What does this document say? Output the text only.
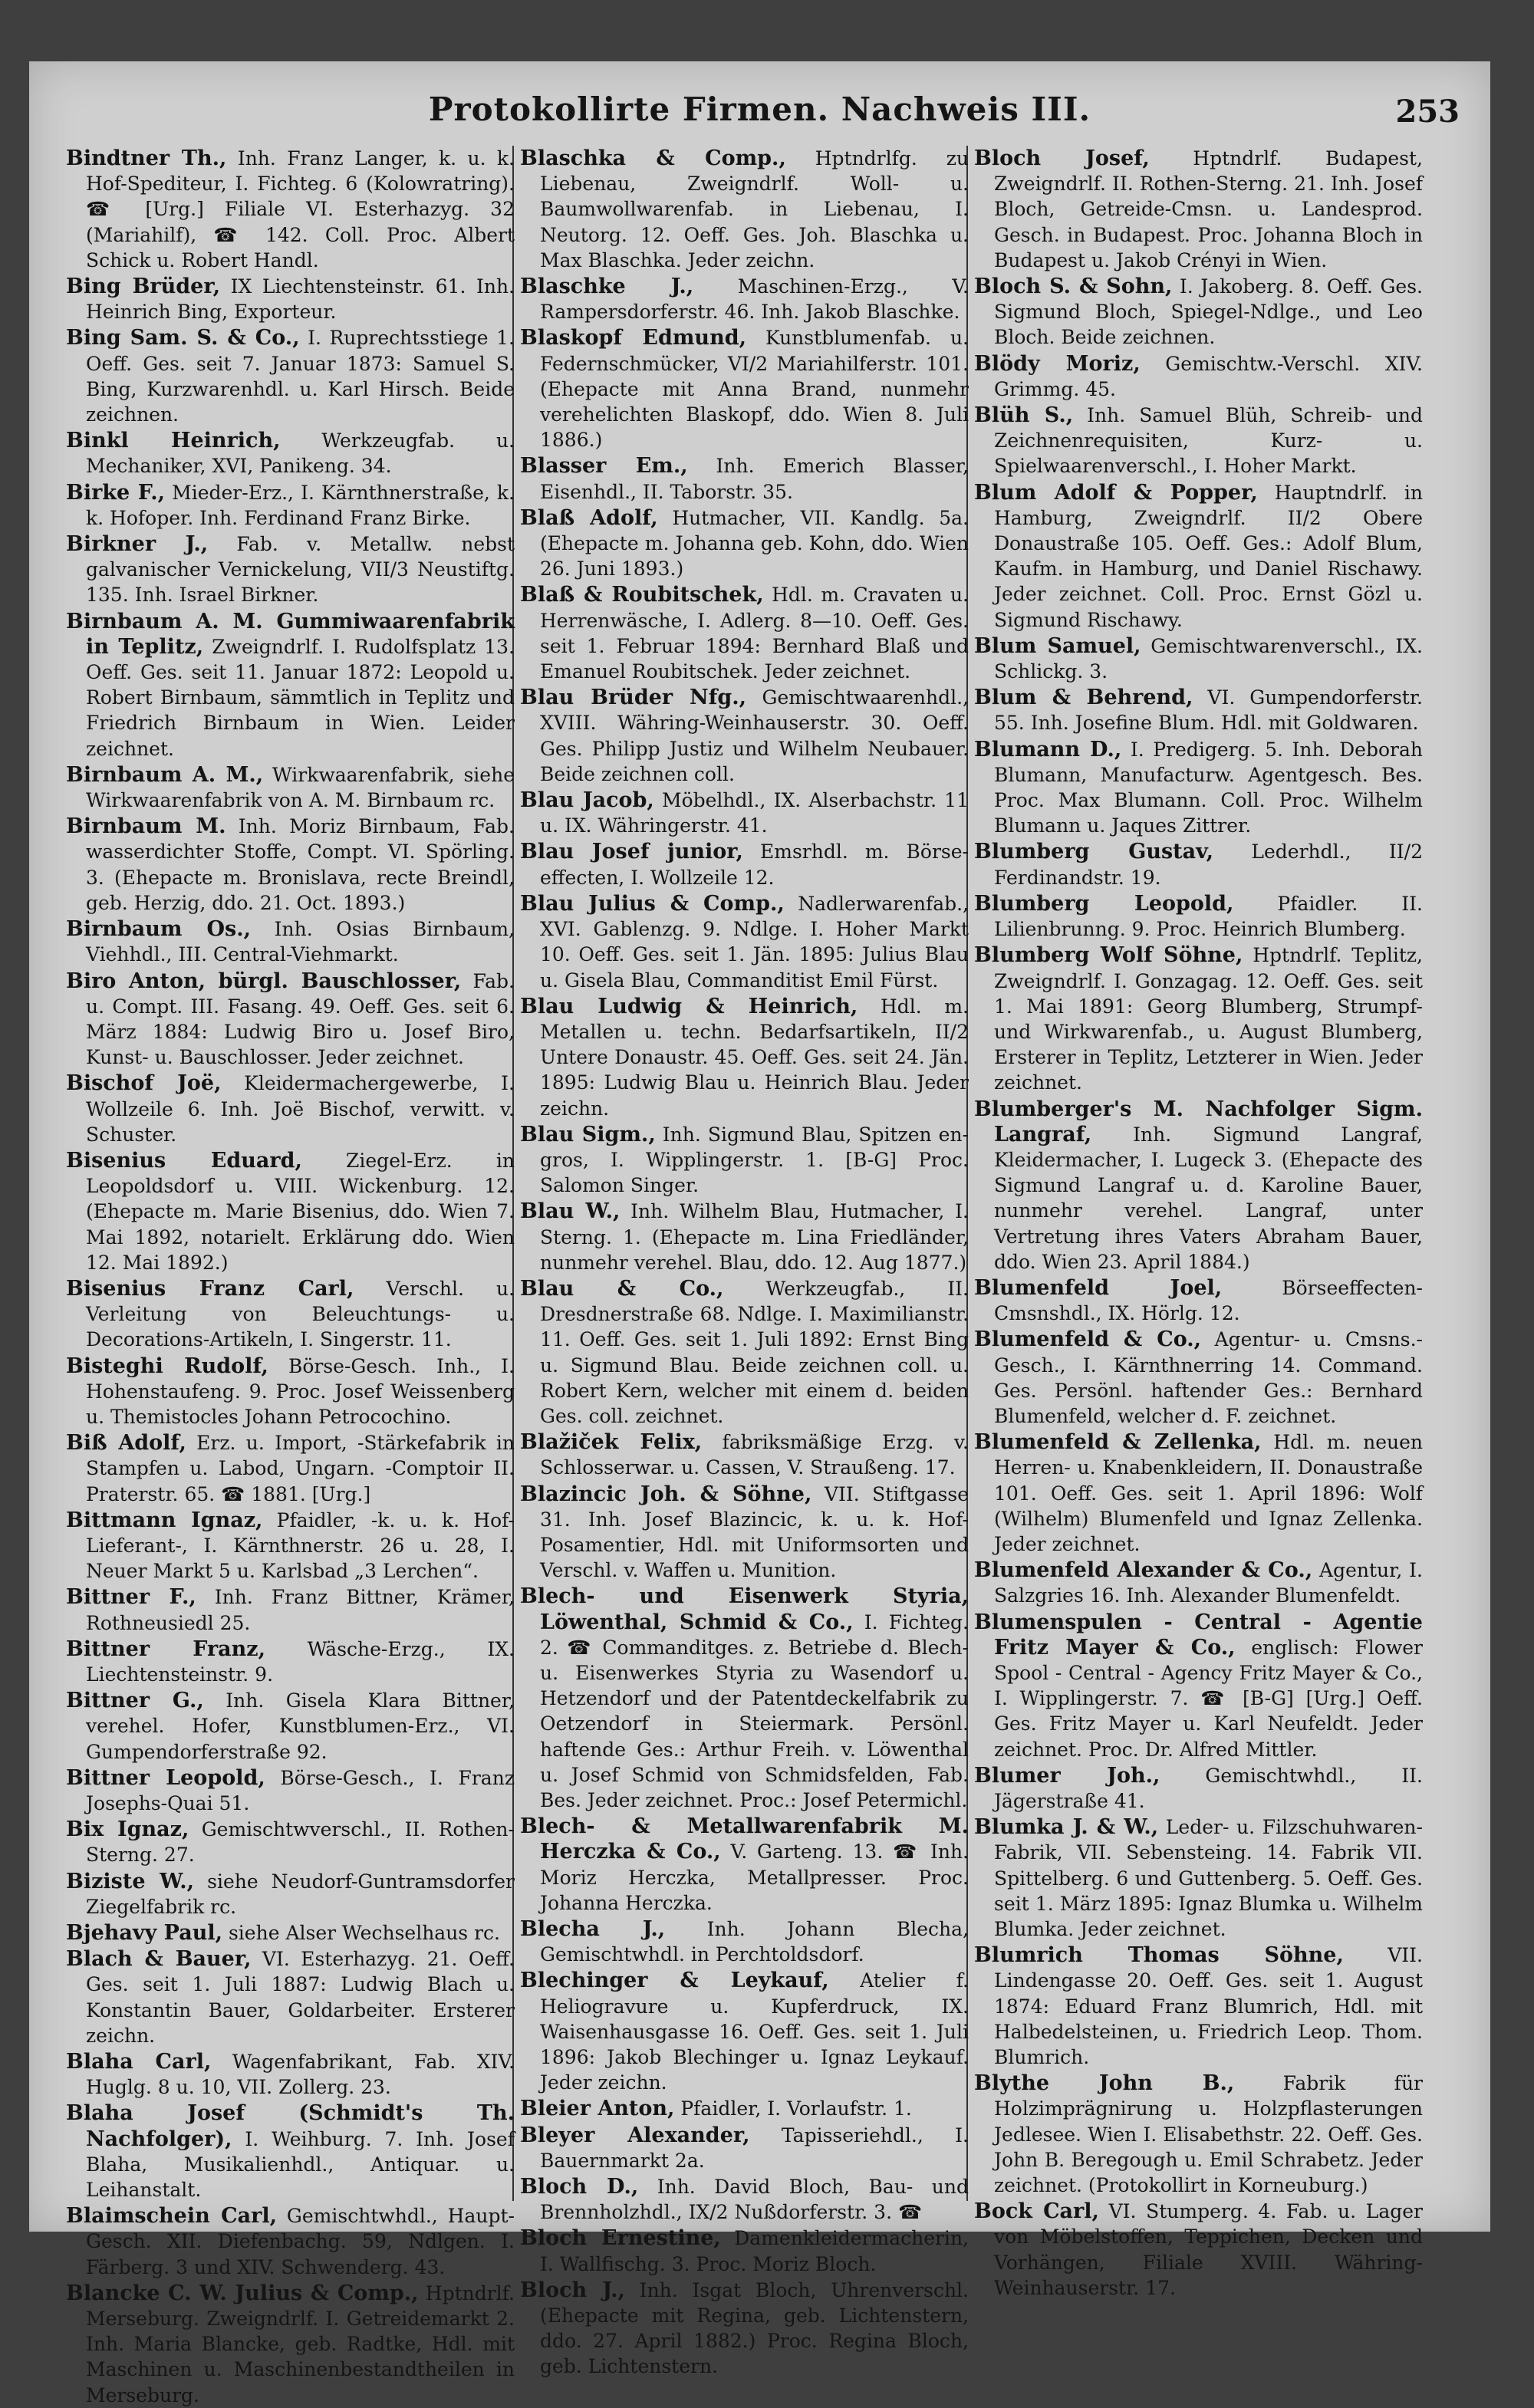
Protokollirte Firmen. Nachweis III.	253

Bindtner Th., Inh. Franz Langer, k. u. k. Hof-Spediteur, I. Fichteg. 6 (Kolowratring). ☎ [Urg.] Filiale VI. Esterhazyg. 32 (Mariahilf), ☎ 142. Coll. Proc. Albert Schick u. Robert Handl.

Bing Brüder, IX Liechtensteinstr. 61. Inh. Heinrich Bing, Exporteur.

Bing Sam. S. & Co., I. Ruprechtsstiege 1. Oeff. Ges. seit 7. Januar 1873: Samuel S. Bing, Kurzwarenhdl. u. Karl Hirsch. Beide zeichnen.

Binkl Heinrich, Werkzeugfab. u. Mechaniker, XVI, Panikeng. 34.

Birke F., Mieder-Erz., I. Kärnthnerstraße, k. k. Hofoper. Inh. Ferdinand Franz Birke.

Birkner J., Fab. v. Metallw. nebst galvanischer Vernickelung, VII/3 Neustiftg. 135. Inh. Israel Birkner.

Birnbaum A. M. Gummiwaarenfabrik in Teplitz, Zweigndrlf. I. Rudolfsplatz 13. Oeff. Ges. seit 11. Januar 1872: Leopold u. Robert Birnbaum, sämmtlich in Teplitz und Friedrich Birnbaum in Wien. Leider zeichnet.

Birnbaum A. M., Wirkwaarenfabrik, siehe Wirkwaarenfabrik von A. M. Birnbaum rc.

Birnbaum M. Inh. Moriz Birnbaum, Fab. wasserdichter Stoffe, Compt. VI. Spörling. 3. (Ehepacte m. Bronislava, recte Breindl, geb. Herzig, ddo. 21. Oct. 1893.)

Birnbaum Os., Inh. Osias Birnbaum, Viehhdl., III. Central-Viehmarkt.

Biro Anton, bürgl. Bauschlosser, Fab. u. Compt. III. Fasang. 49. Oeff. Ges. seit 6. März 1884: Ludwig Biro u. Josef Biro, Kunst- u. Bauschlosser. Jeder zeichnet.

Bischof Joë, Kleidermachergewerbe, I. Wollzeile 6. Inh. Joë Bischof, verwitt. v. Schuster.

Bisenius Eduard, Ziegel-Erz. in Leopoldsdorf u. VIII. Wickenburg. 12. (Ehepacte m. Marie Bisenius, ddo. Wien 7. Mai 1892, notarielt. Erklärung ddo. Wien 12. Mai 1892.)

Bisenius Franz Carl, Verschl. u. Verleitung von Beleuchtungs- u. Decorations-Artikeln, I. Singerstr. 11.

Bisteghi Rudolf, Börse-Gesch. Inh., I. Hohenstaufeng. 9. Proc. Josef Weissenberg u. Themistocles Johann Petrocochino.

Biß Adolf, Erz. u. Import, -Stärkefabrik in Stampfen u. Labod, Ungarn. -Comptoir II. Praterstr. 65. ☎ 1881. [Urg.]

Bittmann Ignaz, Pfaidler, -k. u. k. Hof-Lieferant-, I. Kärnthnerstr. 26 u. 28, I. Neuer Markt 5 u. Karlsbad „3 Lerchen“.

Bittner F., Inh. Franz Bittner, Krämer, Rothneusiedl 25.

Bittner Franz, Wäsche-Erzg., IX. Liechtensteinstr. 9.

Bittner G., Inh. Gisela Klara Bittner, verehel. Hofer, Kunstblumen-Erz., VI. Gumpendorferstraße 92.

Bittner Leopold, Börse-Gesch., I. Franz Josephs-Quai 51.

Bix Ignaz, Gemischtwverschl., II. Rothen-Sterng. 27.

Biziste W., siehe Neudorf-Guntramsdorfer Ziegelfabrik rc.

Bjehavy Paul, siehe Alser Wechselhaus rc.

Blach & Bauer, VI. Esterhazyg. 21. Oeff. Ges. seit 1. Juli 1887: Ludwig Blach u. Konstantin Bauer, Goldarbeiter. Ersterer zeichn.

Blaha Carl, Wagenfabrikant, Fab. XIV. Huglg. 8 u. 10, VII. Zollerg. 23.

Blaha Josef (Schmidt's Th. Nachfolger), I. Weihburg. 7. Inh. Josef Blaha, Musikalienhdl., Antiquar. u. Leihanstalt.

Blaimschein Carl, Gemischtwhdl., Haupt-Gesch. XII. Diefenbachg. 59, Ndlgen. I. Färberg. 3 und XIV. Schwenderg. 43.

Blancke C. W. Julius & Comp., Hptndrlf. Merseburg. Zweigndrlf. I. Getreidemarkt 2. Inh. Maria Blancke, geb. Radtke, Hdl. mit Maschinen u. Maschinenbestandtheilen in Merseburg.

Blaschka & Comp., Hptndrlfg. zu Liebenau, Zweigndrlf. Woll- u. Baumwollwarenfab. in Liebenau, I. Neutorg. 12. Oeff. Ges. Joh. Blaschka u. Max Blaschka. Jeder zeichn.

Blaschke J., Maschinen-Erzg., V. Rampersdorferstr. 46. Inh. Jakob Blaschke.

Blaskopf Edmund, Kunstblumenfab. u. Federnschmücker, VI/2 Mariahilferstr. 101. (Ehepacte mit Anna Brand, nunmehr verehelichten Blaskopf, ddo. Wien 8. Juli 1886.)

Blasser Em., Inh. Emerich Blasser, Eisenhdl., II. Taborstr. 35.

Blaß Adolf, Hutmacher, VII. Kandlg. 5a. (Ehepacte m. Johanna geb. Kohn, ddo. Wien 26. Juni 1893.)

Blaß & Roubitschek, Hdl. m. Cravaten u. Herrenwäsche, I. Adlerg. 8—10. Oeff. Ges. seit 1. Februar 1894: Bernhard Blaß und Emanuel Roubitschek. Jeder zeichnet.

Blau Brüder Nfg., Gemischtwaarenhdl., XVIII. Währing-Weinhauserstr. 30. Oeff. Ges. Philipp Justiz und Wilhelm Neubauer. Beide zeichnen coll.

Blau Jacob, Möbelhdl., IX. Alserbachstr. 11 u. IX. Währingerstr. 41.

Blau Josef junior, Emsrhdl. m. Börse-effecten, I. Wollzeile 12.

Blau Julius & Comp., Nadlerwarenfab., XVI. Gablenzg. 9. Ndlge. I. Hoher Markt 10. Oeff. Ges. seit 1. Jän. 1895: Julius Blau u. Gisela Blau, Commanditist Emil Fürst.

Blau Ludwig & Heinrich, Hdl. m. Metallen u. techn. Bedarfsartikeln, II/2 Untere Donaustr. 45. Oeff. Ges. seit 24. Jän. 1895: Ludwig Blau u. Heinrich Blau. Jeder zeichn.

Blau Sigm., Inh. Sigmund Blau, Spitzen en-gros, I. Wipplingerstr. 1. [B-G] Proc. Salomon Singer.

Blau W., Inh. Wilhelm Blau, Hutmacher, I. Sterng. 1. (Ehepacte m. Lina Friedländer, nunmehr verehel. Blau, ddo. 12. Aug 1877.)

Blau & Co., Werkzeugfab., II. Dresdnerstraße 68. Ndlge. I. Maximilianstr. 11. Oeff. Ges. seit 1. Juli 1892: Ernst Bing u. Sigmund Blau. Beide zeichnen coll. u. Robert Kern, welcher mit einem d. beiden Ges. coll. zeichnet.

Blažiček Felix, fabriksmäßige Erzg. v. Schlosserwar. u. Cassen, V. Straußeng. 17.

Blazincic Joh. & Söhne, VII. Stiftgasse 31. Inh. Josef Blazincic, k. u. k. Hof-Posamentier, Hdl. mit Uniformsorten und Verschl. v. Waffen u. Munition.

Blech- und Eisenwerk Styria, Löwenthal, Schmid & Co., I. Fichteg. 2. ☎ Commanditges. z. Betriebe d. Blech- u. Eisenwerkes Styria zu Wasendorf u. Hetzendorf und der Patentdeckelfabrik zu Oetzendorf in Steiermark. Persönl. haftende Ges.: Arthur Freih. v. Löwenthal u. Josef Schmid von Schmidsfelden, Fab. Bes. Jeder zeichnet. Proc.: Josef Petermichl.

Blech- & Metallwarenfabrik M. Herczka & Co., V. Garteng. 13. ☎ Inh. Moriz Herczka, Metallpresser. Proc. Johanna Herczka.

Blecha J., Inh. Johann Blecha, Gemischtwhdl. in Perchtoldsdorf.

Blechinger & Leykauf, Atelier f. Heliogravure u. Kupferdruck, IX. Waisenhausgasse 16. Oeff. Ges. seit 1. Juli 1896: Jakob Blechinger u. Ignaz Leykauf. Jeder zeichn.

Bleier Anton, Pfaidler, I. Vorlaufstr. 1.

Bleyer Alexander, Tapisseriehdl., I. Bauernmarkt 2a.

Bloch D., Inh. David Bloch, Bau- und Brennholzhdl., IX/2 Nußdorferstr. 3. ☎

Bloch Ernestine, Damenkleidermacherin, I. Wallfischg. 3. Proc. Moriz Bloch.

Bloch J., Inh. Isgat Bloch, Uhrenverschl. (Ehepacte mit Regina, geb. Lichtenstern, ddo. 27. April 1882.) Proc. Regina Bloch, geb. Lichtenstern.

Bloch Josef, Hptndrlf. Budapest, Zweigndrlf. II. Rothen-Sterng. 21. Inh. Josef Bloch, Getreide-Cmsn. u. Landesprod. Gesch. in Budapest. Proc. Johanna Bloch in Budapest u. Jakob Crényi in Wien.

Bloch S. & Sohn, I. Jakoberg. 8. Oeff. Ges. Sigmund Bloch, Spiegel-Ndlge., und Leo Bloch. Beide zeichnen.

Blödy Moriz, Gemischtw.-Verschl. XIV. Grimmg. 45.

Blüh S., Inh. Samuel Blüh, Schreib- und Zeichnenrequisiten, Kurz- u. Spielwaarenverschl., I. Hoher Markt.

Blum Adolf & Popper, Hauptndrlf. in Hamburg, Zweigndrlf. II/2 Obere Donaustraße 105. Oeff. Ges.: Adolf Blum, Kaufm. in Hamburg, und Daniel Rischawy. Jeder zeichnet. Coll. Proc. Ernst Gözl u. Sigmund Rischawy.

Blum Samuel, Gemischtwarenverschl., IX. Schlickg. 3.

Blum & Behrend, VI. Gumpendorferstr. 55. Inh. Josefine Blum. Hdl. mit Goldwaren.

Blumann D., I. Predigerg. 5. Inh. Deborah Blumann, Manufacturw. Agentgesch. Bes. Proc. Max Blumann. Coll. Proc. Wilhelm Blumann u. Jaques Zittrer.

Blumberg Gustav, Lederhdl., II/2 Ferdinandstr. 19.

Blumberg Leopold, Pfaidler. II. Lilienbrunng. 9. Proc. Heinrich Blumberg.

Blumberg Wolf Söhne, Hptndrlf. Teplitz, Zweigndrlf. I. Gonzagag. 12. Oeff. Ges. seit 1. Mai 1891: Georg Blumberg, Strumpf- und Wirkwarenfab., u. August Blumberg, Ersterer in Teplitz, Letzterer in Wien. Jeder zeichnet.

Blumberger's M. Nachfolger Sigm. Langraf, Inh. Sigmund Langraf, Kleidermacher, I. Lugeck 3. (Ehepacte des Sigmund Langraf u. d. Karoline Bauer, nunmehr verehel. Langraf, unter Vertretung ihres Vaters Abraham Bauer, ddo. Wien 23. April 1884.)

Blumenfeld Joel, Börseeffecten-Cmsnshdl., IX. Hörlg. 12.

Blumenfeld & Co., Agentur- u. Cmsns.-Gesch., I. Kärnthnerring 14. Command. Ges. Persönl. haftender Ges.: Bernhard Blumenfeld, welcher d. F. zeichnet.

Blumenfeld & Zellenka, Hdl. m. neuen Herren- u. Knabenkleidern, II. Donaustraße 101. Oeff. Ges. seit 1. April 1896: Wolf (Wilhelm) Blumenfeld und Ignaz Zellenka. Jeder zeichnet.

Blumenfeld Alexander & Co., Agentur, I. Salzgries 16. Inh. Alexander Blumenfeldt.

Blumenspulen - Central - Agentie Fritz Mayer & Co., englisch: Flower Spool - Central - Agency Fritz Mayer & Co., I. Wipplingerstr. 7. ☎ [B-G] [Urg.] Oeff. Ges. Fritz Mayer u. Karl Neufeldt. Jeder zeichnet. Proc. Dr. Alfred Mittler.

Blumer Joh., Gemischtwhdl., II. Jägerstraße 41.

Blumka J. & W., Leder- u. Filzschuhwaren-Fabrik, VII. Sebensteing. 14. Fabrik VII. Spittelberg. 6 und Guttenberg. 5. Oeff. Ges. seit 1. März 1895: Ignaz Blumka u. Wilhelm Blumka. Jeder zeichnet.

Blumrich Thomas Söhne, VII. Lindengasse 20. Oeff. Ges. seit 1. August 1874: Eduard Franz Blumrich, Hdl. mit Halbedelsteinen, u. Friedrich Leop. Thom. Blumrich.

Blythe John B., Fabrik für Holzimprägnirung u. Holzpflasterungen Jedlesee. Wien I. Elisabethstr. 22. Oeff. Ges. John B. Beregough u. Emil Schrabetz. Jeder zeichnet. (Protokollirt in Korneuburg.)

Bock Carl, VI. Stumperg. 4. Fab. u. Lager von Möbelstoffen, Teppichen, Decken und Vorhängen, Filiale XVIII. Währing-Weinhauserstr. 17.
